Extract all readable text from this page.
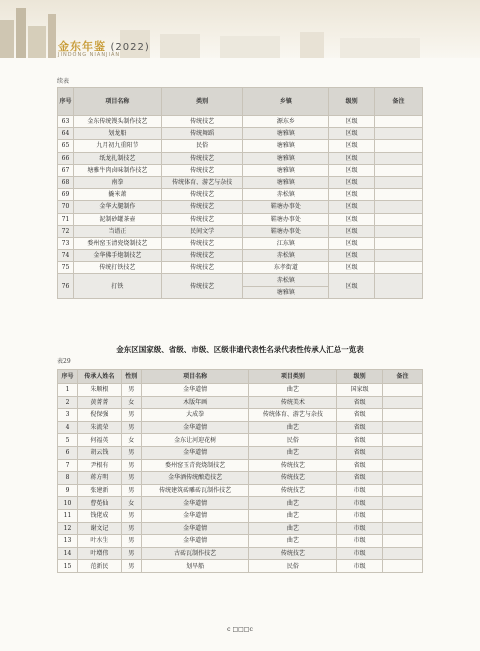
金东年鉴 (2022)
JINDONG NIANJIAN
续表
序号	项目名称	类别	乡镇	级别	备注
63	金东传统馒头制作技艺	传统技艺	源东乡	区级	
64	划龙船	传统舞蹈	塘雅镇	区级	
65	九月初九重阳节	民俗	塘雅镇	区级	
66	纸龙扎制技艺	传统技艺	塘雅镇	区级	
67	塘雅牛肉卤味制作技艺	传统技艺	塘雅镇	区级	
68	南拳	传统体育、游艺与杂技	塘雅镇	区级	
69	撬米萧	传统技艺	赤松镇	区级	
70	金华大腿制作	传统技艺	鞋塘办事处	区级	
71	泥制砂罐茶壶	传统技艺	鞋塘办事处	区级	
72	当谱正	民间文学	鞋塘办事处	区级	
73	婺州窑玉清瓷烧制技艺	传统技艺	江东镇	区级	
74	金华佛手炮制技艺	传统技艺	赤松镇	区级	
75	传统打铁技艺	传统技艺	东孝街道	区级	
76	打铁	传统技艺	赤松镇	区级	
			塘雅镇		
金东区国家级、省级、市级、区级非遗代表性名录代表性传承人汇总一览表
表29
序号	传承人姓名	性别	项目名称	项目类别	级别	备注
1	朱顺根	男	金华道情	曲艺	国家级	
2	黄菁菁	女	木版年画	传统美术	省级	
3	倪保强	男	大成拳	传统体育、游艺与杂技	省级	
4	朱流荣	男	金华道情	曲艺	省级	
5	何福英	女	金东让河迎花树	民俗	省级	
6	胡云钱	男	金华道情	曲艺	省级	
7	尹根有	男	婺州窑玉青瓷烧制技艺	传统技艺	省级	
8	蒋方明	男	金华酒传统酿造技艺	传统技艺	省级	
9	张建新	男	传统建筑砖雕砖瓦制作技艺	传统技艺	市级	
10	曹莬仙	女	金华道情	曲艺	市级	
11	钱佬成	男	金华道情	曲艺	市级	
12	谢文记	男	金华道情	曲艺	市级	
13	叶水生	男	金华道情	曲艺	市级	
14	叶增伟	男	古砖瓦制作技艺	传统技艺	市级	
15	范新民	男	划旱船	民俗	市级	
c □□□c
